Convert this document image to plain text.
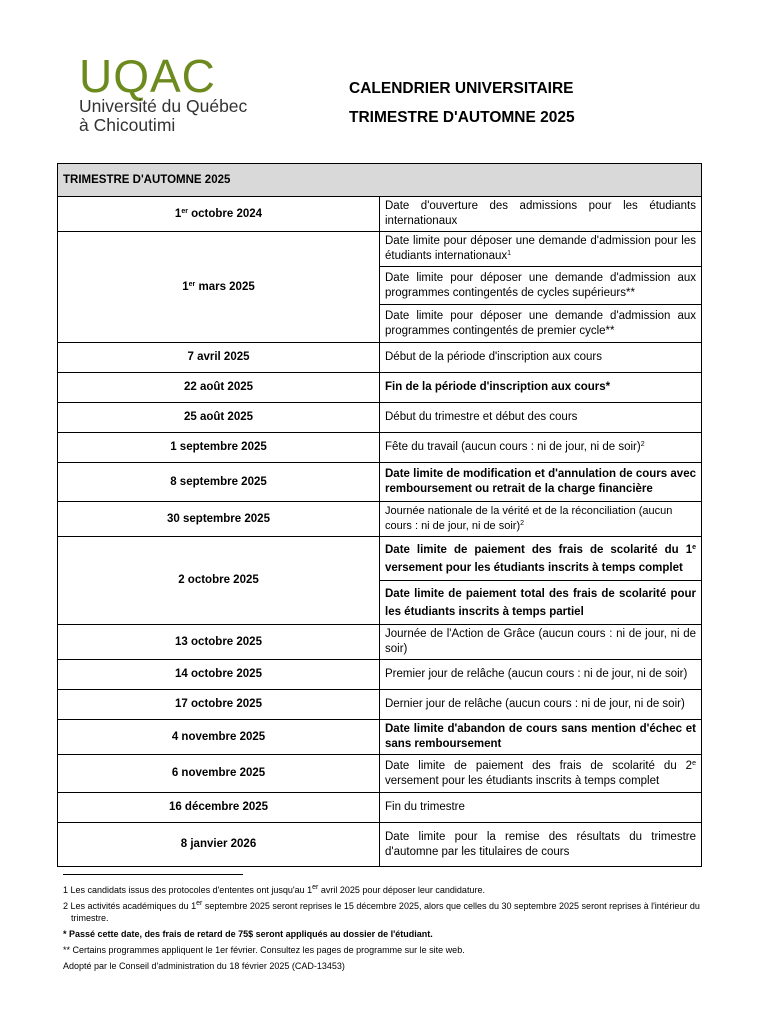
UQAC
Université du Québec
à Chicoutimi
CALENDRIER UNIVERSITAIRE
TRIMESTRE D'AUTOMNE 2025
TRIMESTRE D'AUTOMNE 2025	
1er octobre 2024	Date d'ouverture des admissions pour les étudiants internationaux
1er mars 2025	Date limite pour déposer une demande d'admission pour les étudiants internationaux$^1$
	Date limite pour déposer une demande d'admission aux programmes contingentés de cycles supérieurs**
	Date limite pour déposer une demande d'admission aux programmes contingentés de premier cycle**
7 avril 2025	Début de la période d'inscription aux cours
22 août 2025	Fin de la période d'inscription aux cours*
25 août 2025	Début du trimestre et début des cours
1 septembre 2025	Fête du travail (aucun cours : ni de jour, ni de soir)$^2$
8 septembre 2025	Date limite de modification et d'annulation de cours avec remboursement ou retrait de la charge financière
30 septembre 2025	Journée nationale de la vérité et de la réconciliation (aucun cours : ni de jour, ni de soir)$^2$
2 octobre 2025	Date limite de paiement des frais de scolarité du 1e versement pour les étudiants inscrits à temps complet
	Date limite de paiement total des frais de scolarité pour les étudiants inscrits à temps partiel
13 octobre 2025	Journée de l'Action de Grâce (aucun cours : ni de jour, ni de soir)
14 octobre 2025	Premier jour de relâche (aucun cours : ni de jour, ni de soir)
17 octobre 2025	Dernier jour de relâche (aucun cours : ni de jour, ni de soir)
4 novembre 2025	Date limite d'abandon de cours sans mention d'échec et sans remboursement
6 novembre 2025	Date limite de paiement des frais de scolarité du 2e versement pour les étudiants inscrits à temps complet
16 décembre 2025	Fin du trimestre
8 janvier 2026	Date limite pour la remise des résultats du trimestre d'automne par les titulaires de cours
1 Les candidats issus des protocoles d'ententes ont jusqu'au 1er avril 2025 pour déposer leur candidature.
2 Les activités académiques du 1er septembre 2025 seront reprises le 15 décembre 2025, alors que celles du 30 septembre 2025 seront reprises à l'intérieur du trimestre.
* Passé cette date, des frais de retard de 75$ seront appliqués au dossier de l'étudiant.
** Certains programmes appliquent le 1er février. Consultez les pages de programme sur le site web.
Adopté par le Conseil d'administration du 18 février 2025 (CAD-13453)
